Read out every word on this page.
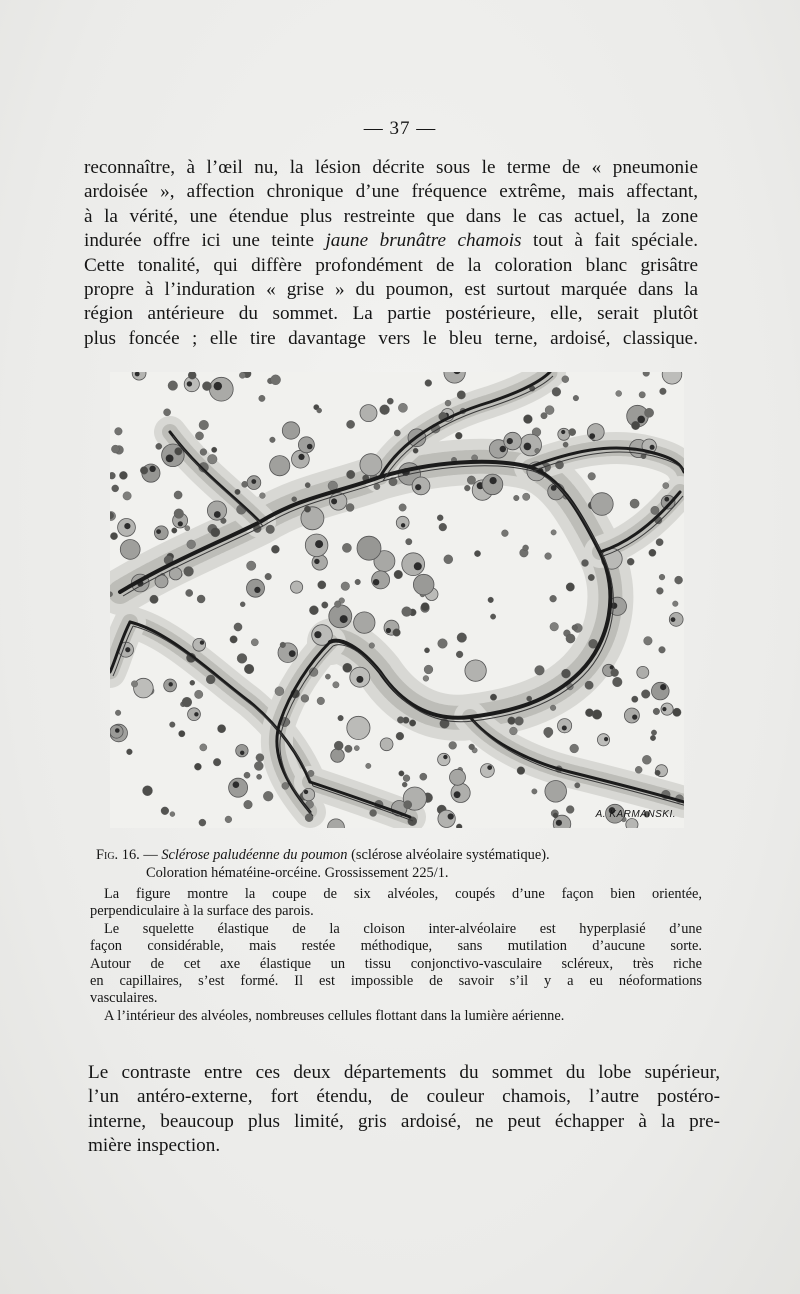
— 37 —
reconnaître, à l’œil nu, la lésion décrite sous le terme de « pneumonie
ardoisée », affection chronique d’une fréquence extrême, mais affectant,
à la vérité, une étendue plus restreinte que dans le cas actuel, la zone
indurée offre ici une teinte jaune brunâtre chamois tout à fait spéciale.
Cette tonalité, qui diffère profondément de la coloration blanc grisâtre
propre à l’induration « grise » du poumon, est surtout marquée dans la
région antérieure du sommet. La partie postérieure, elle, serait plutôt
plus foncée ; elle tire davantage vers le bleu terne, ardoisé, classique.
A. KARMANSKI.
Fig. 16. — Sclérose paludéenne du poumon (sclérose alvéolaire systématique).
Coloration hématéine-orcéine. Grossissement 225/1.
La figure montre la coupe de six alvéoles, coupés d’une façon bien orientée,
perpendiculaire à la surface des parois.
Le squelette élastique de la cloison inter-alvéolaire est hyperplasié d’une
façon considérable, mais restée méthodique, sans mutilation d’aucune sorte.
Autour de cet axe élastique un tissu conjonctivo-vasculaire scléreux, très riche
en capillaires, s’est formé. Il est impossible de savoir s’il y a eu néoformations
vasculaires.
A l’intérieur des alvéoles, nombreuses cellules flottant dans la lumière aérienne.
Le contraste entre ces deux départements du sommet du lobe supérieur,
l’un antéro-externe, fort étendu, de couleur chamois, l’autre postéro-
interne, beaucoup plus limité, gris ardoisé, ne peut échapper à la pre-
mière inspection.
